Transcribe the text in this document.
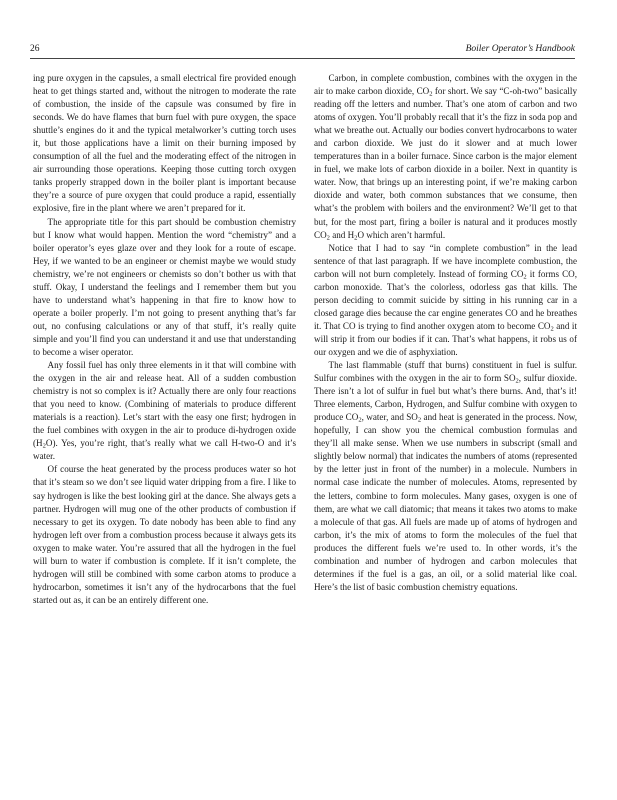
26	Boiler Operator’s Handbook

ing pure oxygen in the capsules, a small electrical fire provided enough heat to get things started and, without the nitrogen to moderate the rate of combustion, the inside of the capsule was consumed by fire in seconds. We do have flames that burn fuel with pure oxygen, the space shuttle’s engines do it and the typical metalworker’s cutting torch uses it, but those applications have a limit on their burning imposed by consumption of all the fuel and the moderating effect of the nitrogen in air surrounding those operations. Keeping those cutting torch oxygen tanks properly strapped down in the boiler plant is important because they’re a source of pure oxygen that could produce a rapid, essentially explosive, fire in the plant where we aren’t prepared for it.

The appropriate title for this part should be combustion chemistry but I know what would happen. Mention the word “chemistry” and a boiler operator’s eyes glaze over and they look for a route of escape. Hey, if we wanted to be an engineer or chemist maybe we would study chemistry, we’re not engineers or chemists so don’t bother us with that stuff. Okay, I understand the feelings and I remember them but you have to understand what’s happening in that fire to know how to operate a boiler properly. I’m not going to present anything that’s far out, no confusing calculations or any of that stuff, it’s really quite simple and you’ll find you can understand it and use that understanding to become a wiser operator.

Any fossil fuel has only three elements in it that will combine with the oxygen in the air and release heat. All of a sudden combustion chemistry is not so complex is it? Actually there are only four reactions that you need to know. (Combining of materials to produce different materials is a reaction). Let’s start with the easy one first; hydrogen in the fuel combines with oxygen in the air to produce di-hydrogen oxide $(H_2O)$. Yes, you’re right, that’s really what we call H-two-O and it’s water.

Of course the heat generated by the process produces water so hot that it’s steam so we don’t see liquid water dripping from a fire. I like to say hydrogen is like the best looking girl at the dance. She always gets a partner. Hydrogen will mug one of the other products of combustion if necessary to get its oxygen. To date nobody has been able to find any hydrogen left over from a combustion process because it always gets its oxygen to make water. You’re assured that all the hydrogen in the fuel will burn to water if combustion is complete. If it isn’t complete, the hydrogen will still be combined with some carbon atoms to produce a hydrocarbon, sometimes it isn’t any of the hydrocarbons that the fuel started out as, it can be an entirely different one.

Carbon, in complete combustion, combines with the oxygen in the air to make carbon dioxide, $CO_2$ for short. We say “C-oh-two” basically reading off the letters and number. That’s one atom of carbon and two atoms of oxygen. You’ll probably recall that it’s the fizz in soda pop and what we breathe out. Actually our bodies convert hydrocarbons to water and carbon dioxide. We just do it slower and at much lower temperatures than in a boiler furnace. Since carbon is the major element in fuel, we make lots of carbon dioxide in a boiler. Next in quantity is water. Now, that brings up an interesting point, if we’re making carbon dioxide and water, both common substances that we consume, then what’s the problem with boilers and the environment? We’ll get to that but, for the most part, firing a boiler is natural and it produces mostly $CO_2$ and $H_2O$ which aren’t harmful.

Notice that I had to say “in complete combustion” in the lead sentence of that last paragraph. If we have incomplete combustion, the carbon will not burn completely. Instead of forming $CO_2$ it forms CO, carbon monoxide. That’s the colorless, odorless gas that kills. The person deciding to commit suicide by sitting in his running car in a closed garage dies because the car engine generates CO and he breathes it. That CO is trying to find another oxygen atom to become $CO_2$ and it will strip it from our bodies if it can. That’s what happens, it robs us of our oxygen and we die of asphyxiation.

The last flammable (stuff that burns) constituent in fuel is sulfur. Sulfur combines with the oxygen in the air to form $SO_2$, sulfur dioxide. There isn’t a lot of sulfur in fuel but what’s there burns. And, that’s it! Three elements, Carbon, Hydrogen, and Sulfur combine with oxygen to produce $CO_2$, water, and $SO_2$ and heat is generated in the process. Now, hopefully, I can show you the chemical combustion formulas and they’ll all make sense. When we use numbers in subscript (small and slightly below normal) that indicates the numbers of atoms (represented by the letter just in front of the number) in a molecule. Numbers in normal case indicate the number of molecules. Atoms, represented by the letters, combine to form molecules. Many gases, oxygen is one of them, are what we call diatomic; that means it takes two atoms to make a molecule of that gas. All fuels are made up of atoms of hydrogen and carbon, it’s the mix of atoms to form the molecules of the fuel that produces the different fuels we’re used to. In other words, it’s the combination and number of hydrogen and carbon molecules that determines if the fuel is a gas, an oil, or a solid material like coal. Here’s the list of basic combustion chemistry equations.
